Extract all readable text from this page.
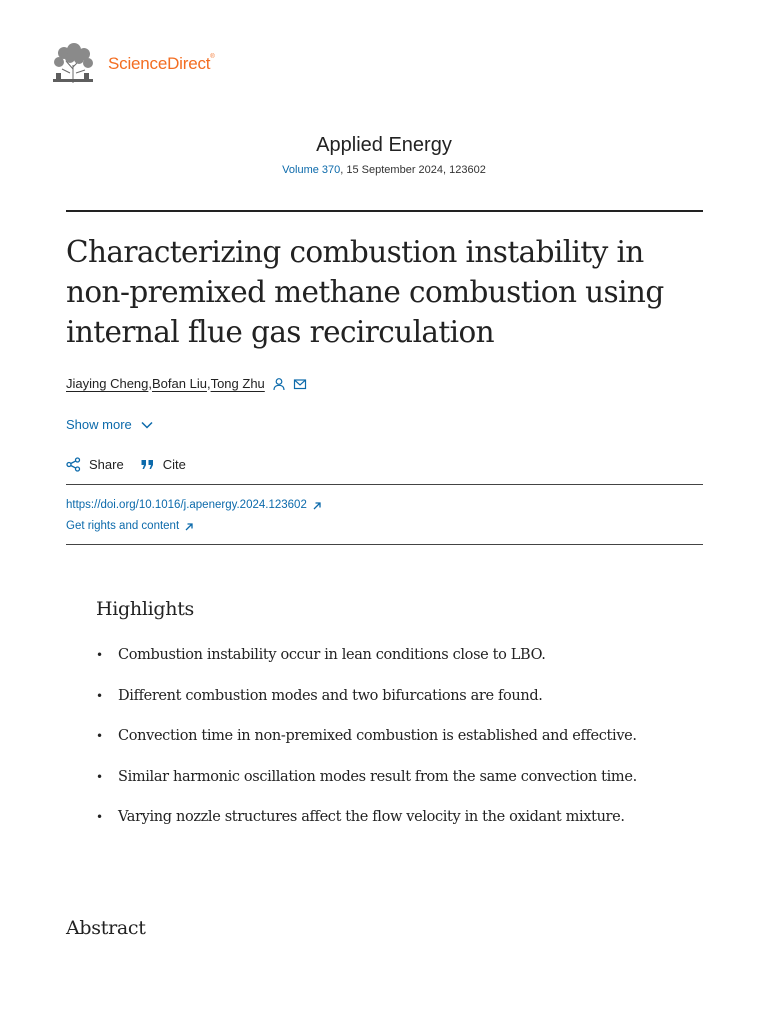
ScienceDirect®
Applied Energy
Volume 370, 15 September 2024, 123602
Characterizing combustion instability in non-premixed methane combustion using internal flue gas recirculation
Jiaying Cheng , Bofan Liu , Tong Zhu
Show more
Share	Cite
https://doi.org/10.1016/j.apenergy.2024.123602
Get rights and content
Highlights
• Combustion instability occur in lean conditions close to LBO.
• Different combustion modes and two bifurcations are found.
• Convection time in non-premixed combustion is established and effective.
• Similar harmonic oscillation modes result from the same convection time.
• Varying nozzle structures affect the flow velocity in the oxidant mixture.
Abstract
